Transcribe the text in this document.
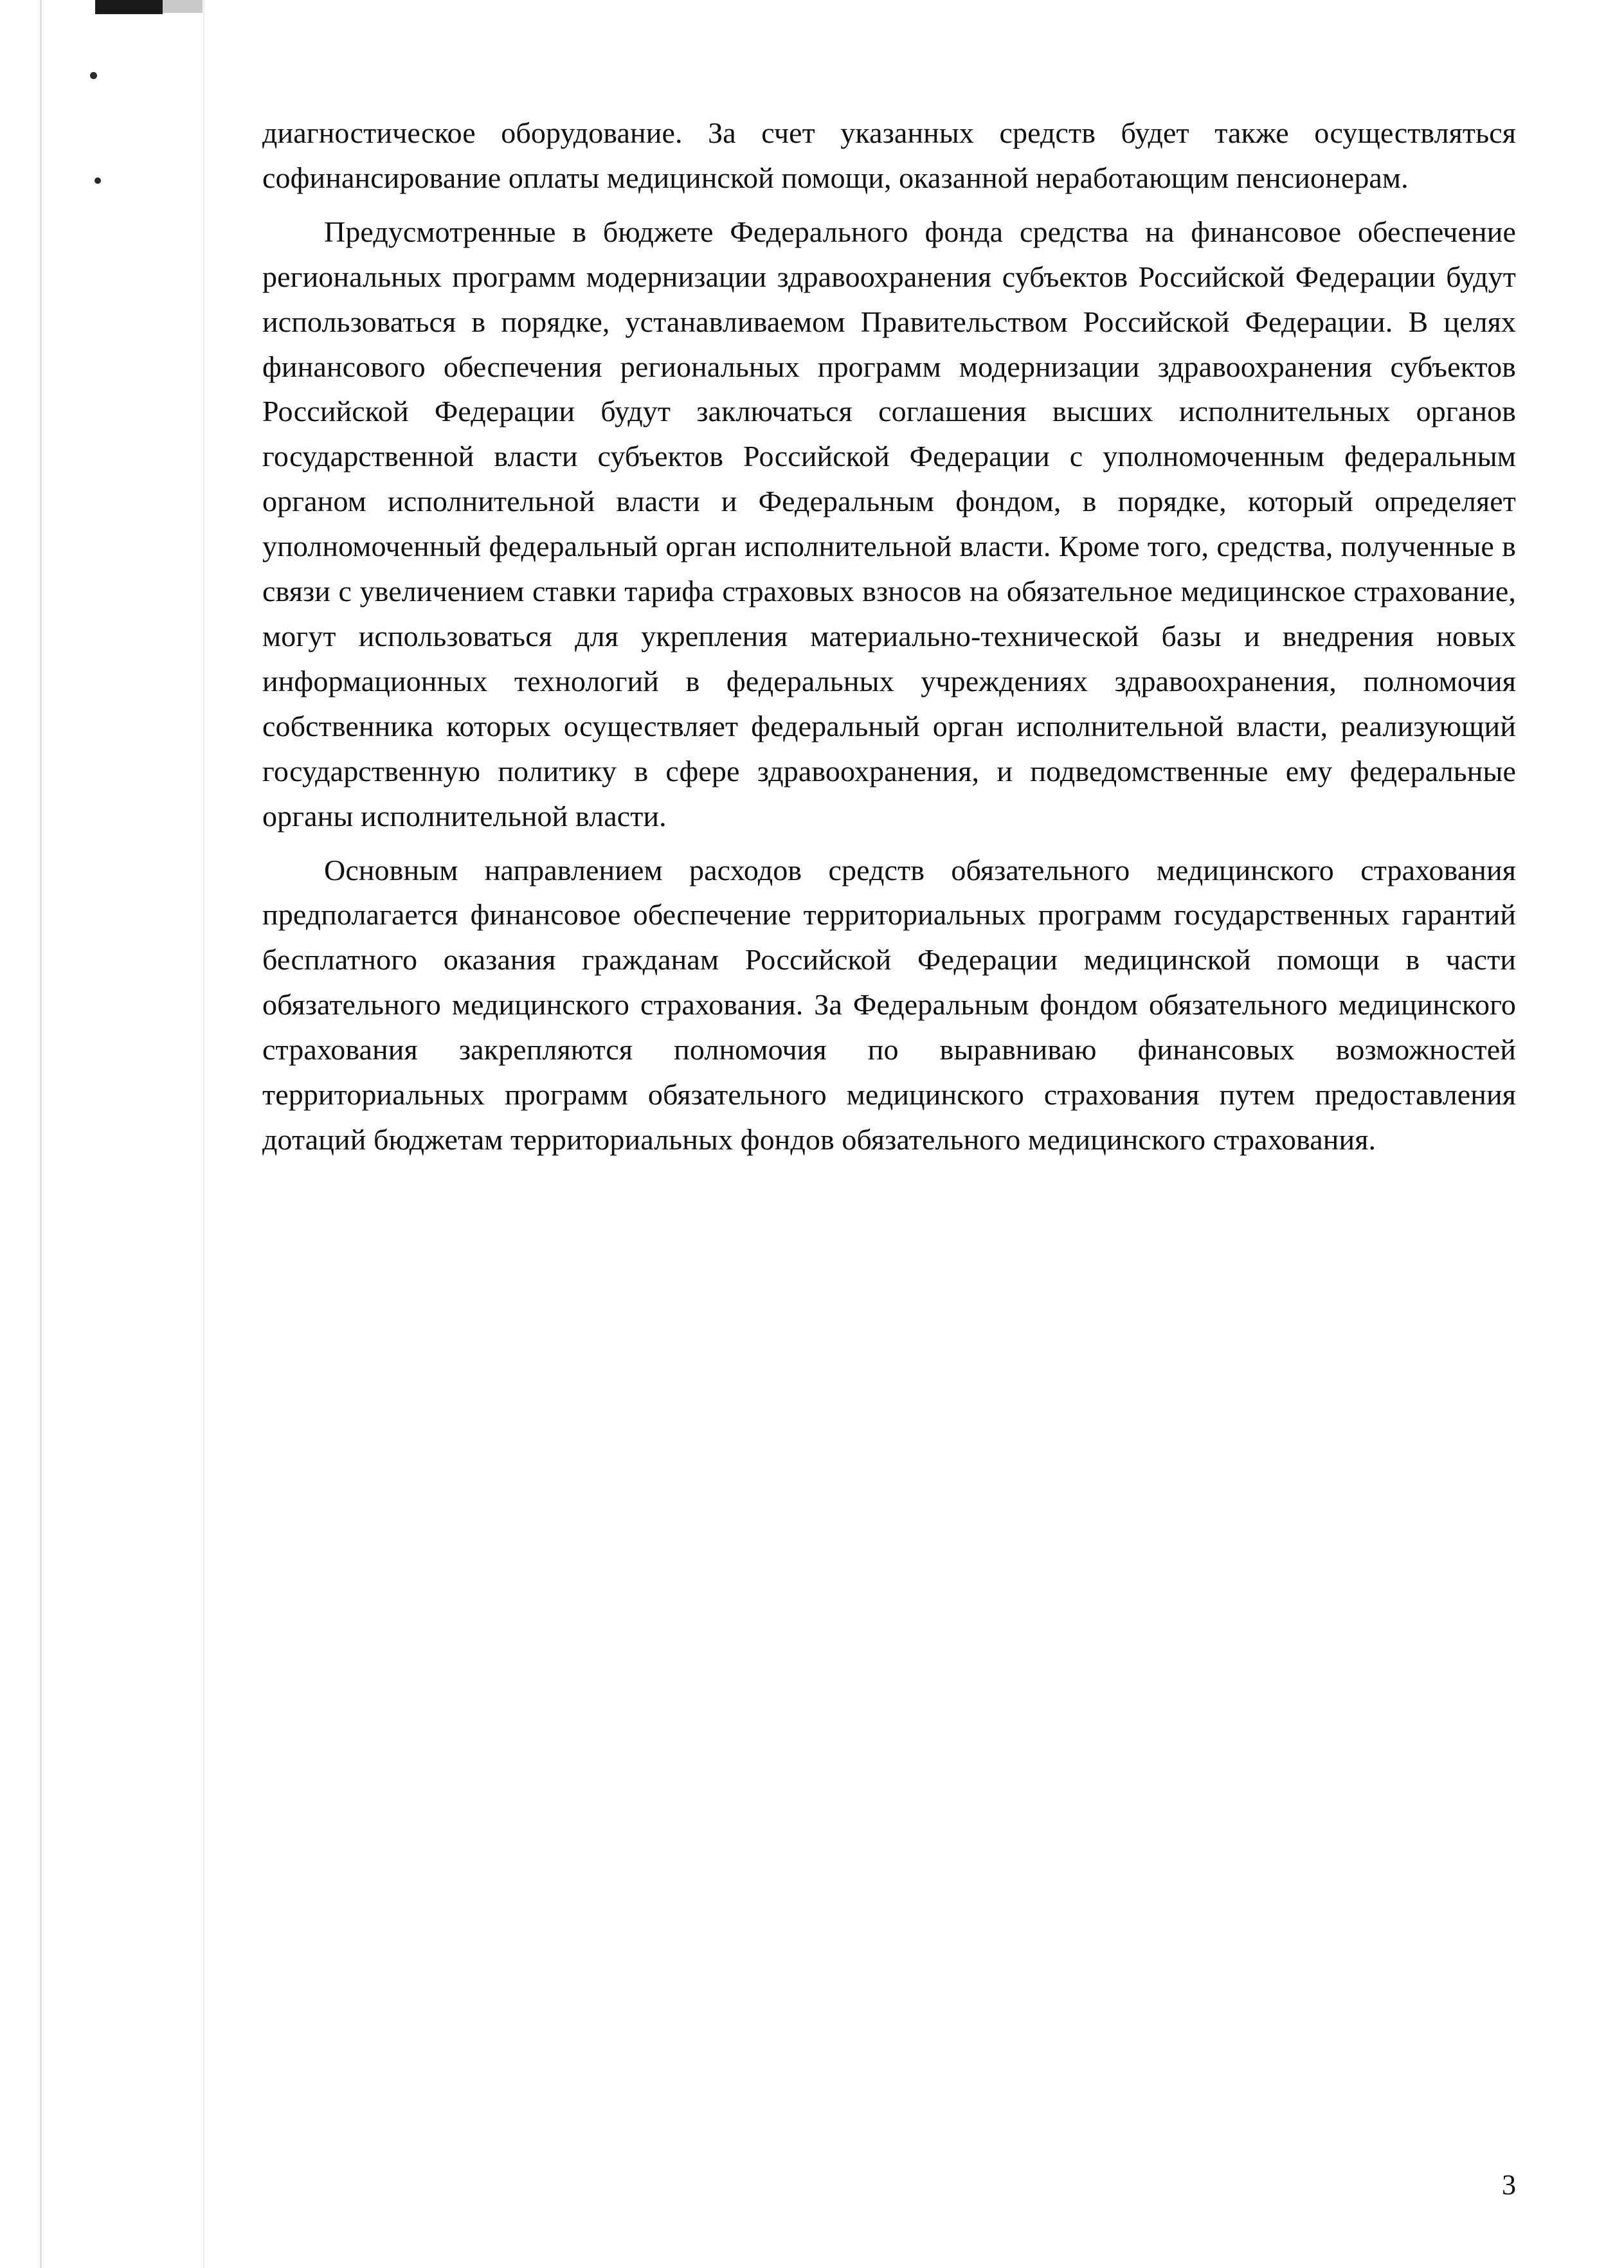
диагностическое оборудование. За счет указанных средств будет также осуществляться софинансирование оплаты медицинской помощи, оказанной неработающим пенсионерам.

Предусмотренные в бюджете Федерального фонда средства на финансовое обеспечение региональных программ модернизации здравоохранения субъектов Российской Федерации будут использоваться в порядке, устанавливаемом Правительством Российской Федерации. В целях финансового обеспечения региональных программ модернизации здравоохранения субъектов Российской Федерации будут заключаться соглашения высших исполнительных органов государственной власти субъектов Российской Федерации с уполномоченным федеральным органом исполнительной власти и Федеральным фондом, в порядке, который определяет уполномоченный федеральный орган исполнительной власти. Кроме того, средства, полученные в связи с увеличением ставки тарифа страховых взносов на обязательное медицинское страхование, могут использоваться для укрепления материально-технической базы и внедрения новых информационных технологий в федеральных учреждениях здравоохранения, полномочия собственника которых осуществляет федеральный орган исполнительной власти, реализующий государственную политику в сфере здравоохранения, и подведомственные ему федеральные органы исполнительной власти.

Основным направлением расходов средств обязательного медицинского страхования предполагается финансовое обеспечение территориальных программ государственных гарантий бесплатного оказания гражданам Российской Федерации медицинской помощи в части обязательного медицинского страхования. За Федеральным фондом обязательного медицинского страхования закрепляются полномочия по выравниваю финансовых возможностей территориальных программ обязательного медицинского страхования путем предоставления дотаций бюджетам территориальных фондов обязательного медицинского страхования.

3
